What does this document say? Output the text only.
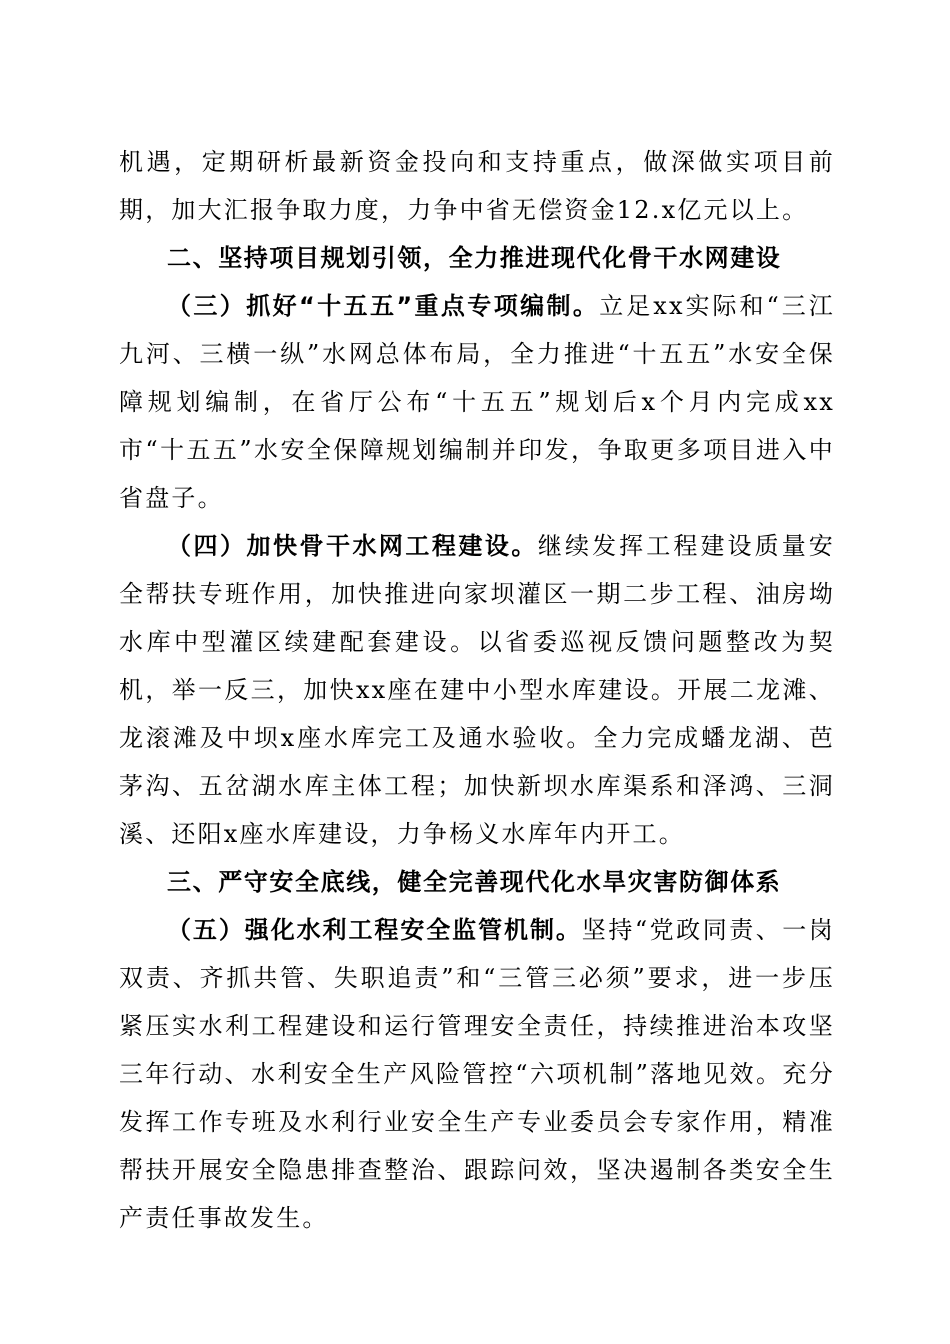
机遇，定期研析最新资金投向和支持重点，做深做实项目前期，加大汇报争取力度，力争中省无偿资金12.x亿元以上。

二、坚持项目规划引领，全力推进现代化骨干水网建设

（三）抓好“十五五”重点专项编制。立足xx实际和“三江九河、三横一纵”水网总体布局，全力推进“十五五”水安全保障规划编制，在省厅公布“十五五”规划后x个月内完成xx市“十五五”水安全保障规划编制并印发，争取更多项目进入中省盘子。

（四）加快骨干水网工程建设。继续发挥工程建设质量安全帮扶专班作用，加快推进向家坝灌区一期二步工程、油房坳水库中型灌区续建配套建设。以省委巡视反馈问题整改为契机，举一反三，加快xx座在建中小型水库建设。开展二龙滩、龙滚滩及中坝x座水库完工及通水验收。全力完成蟠龙湖、芭茅沟、五岔湖水库主体工程；加快新坝水库渠系和泽鸿、三洞溪、还阳x座水库建设，力争杨义水库年内开工。

三、严守安全底线，健全完善现代化水旱灾害防御体系

（五）强化水利工程安全监管机制。坚持“党政同责、一岗双责、齐抓共管、失职追责”和“三管三必须”要求，进一步压紧压实水利工程建设和运行管理安全责任，持续推进治本攻坚三年行动、水利安全生产风险管控“六项机制”落地见效。充分发挥工作专班及水利行业安全生产专业委员会专家作用，精准帮扶开展安全隐患排查整治、跟踪问效，坚决遏制各类安全生产责任事故发生。
